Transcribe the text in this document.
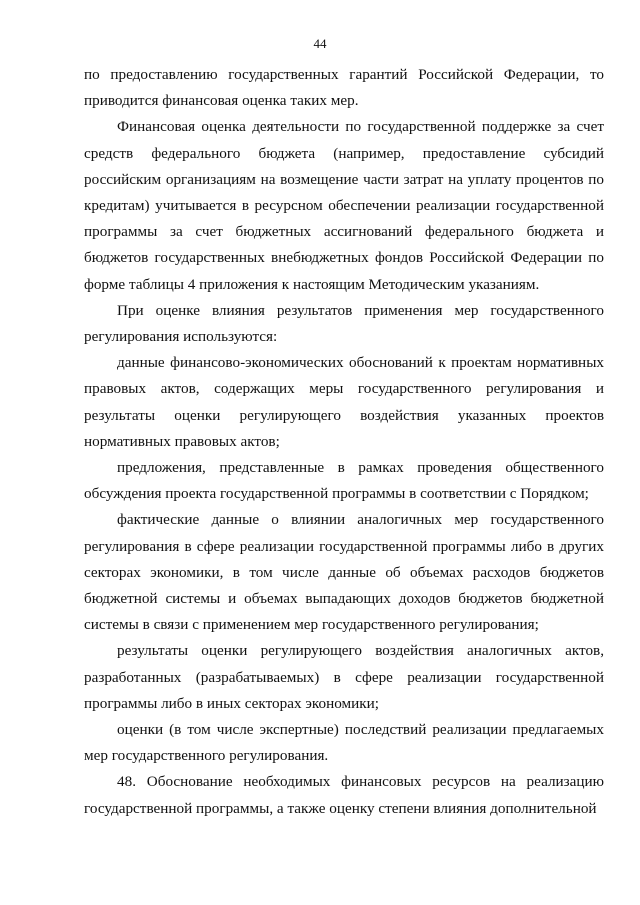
44

по предоставлению государственных гарантий Российской Федерации, то приводится финансовая оценка таких мер.

Финансовая оценка деятельности по государственной поддержке за счет средств федерального бюджета (например, предоставление субсидий российским организациям на возмещение части затрат на уплату процентов по кредитам) учитывается в ресурсном обеспечении реализации государственной программы за счет бюджетных ассигнований федерального бюджета и бюджетов государственных внебюджетных фондов Российской Федерации по форме таблицы 4 приложения к настоящим Методическим указаниям.

При оценке влияния результатов применения мер государственного регулирования используются:

данные финансово-экономических обоснований к проектам нормативных правовых актов, содержащих меры государственного регулирования и результаты оценки регулирующего воздействия указанных проектов нормативных правовых актов;

предложения, представленные в рамках проведения общественного обсуждения проекта государственной программы в соответствии с Порядком;

фактические данные о влиянии аналогичных мер государственного регулирования в сфере реализации государственной программы либо в других секторах экономики, в том числе данные об объемах расходов бюджетов бюджетной системы и объемах выпадающих доходов бюджетов бюджетной системы в связи с применением мер государственного регулирования;

результаты оценки регулирующего воздействия аналогичных актов, разработанных (разрабатываемых) в сфере реализации государственной программы либо в иных секторах экономики;

оценки (в том числе экспертные) последствий реализации предлагаемых мер государственного регулирования.

48. Обоснование необходимых финансовых ресурсов на реализацию государственной программы, а также оценку степени влияния дополнительной
